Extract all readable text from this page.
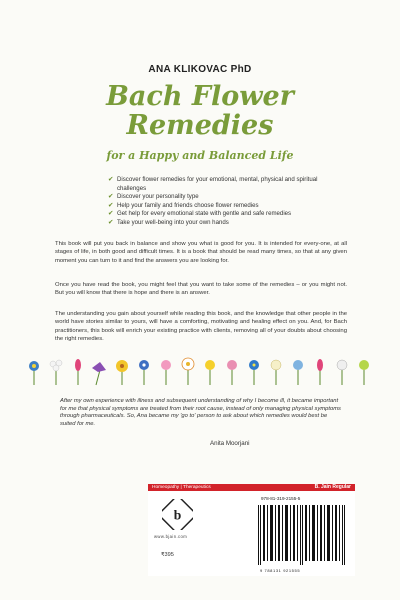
ANA KLIKOVAC PhD
Bach Flower
Remedies
for a Happy and Balanced Life
✔ Discover flower remedies for your emotional, mental, physical and spiritual challenges
✔ Discover your personality type
✔ Help your family and friends choose flower remedies
✔ Get help for every emotional state with gentle and safe remedies
✔ Take your well-being into your own hands

This book will put you back in balance and show you what is good for you. It is intended for every-one, at all stages of life, in both good and difficult times. It is a book that should be read many times, so that at any given moment you can turn to it and find the answers you are looking for.

Once you have read the book, you might feel that you want to take some of the remedies – or you might not. But you will know that there is hope and there is an answer.

The understanding you gain about yourself while reading this book, and the knowledge that other people in the world have stories similar to yours, will have a comforting, motivating and healing effect on you. And, for Bach practitioners, this book will enrich your existing practice with clients, removing all of your doubts about choosing the right remedies.

After my own experience with illness and subsequent understanding of why I become ill, it became important for me that physical symptoms are treated from their root cause, instead of only managing physical symptoms through pharmaceuticals. So, Ana became my 'go to' person to ask about which remedies would best be suited for me.

Anita Moorjani
Homeopathy | Therapeutics	B. Jain Regular
b
www.bjain.com
₹395
978-81-319-2155-5
9 788131 921555
